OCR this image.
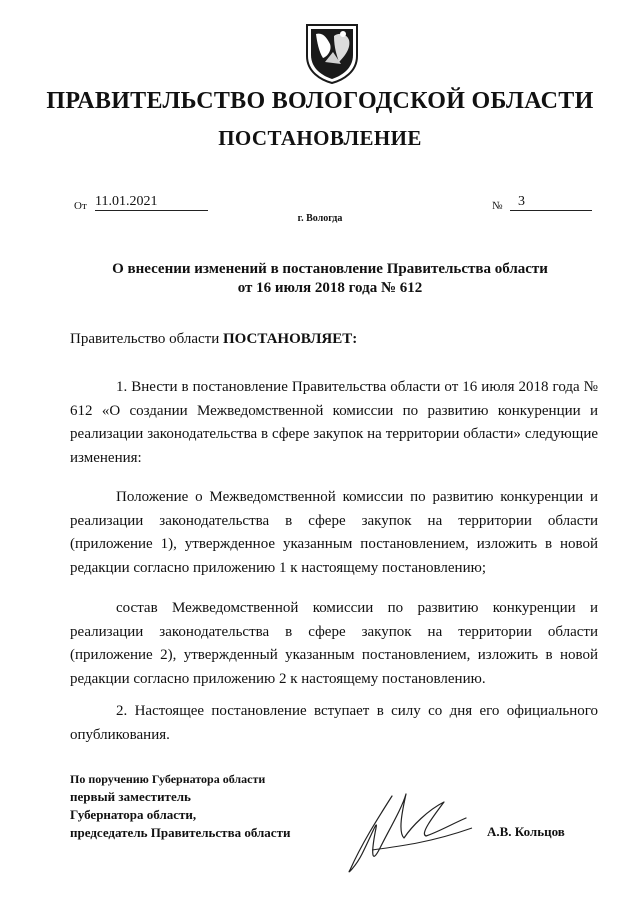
ПРАВИТЕЛЬСТВО ВОЛОГОДСКОЙ ОБЛАСТИ
ПОСТАНОВЛЕНИЕ
От 11.01.2021	№	3
г. Вологда
О внесении изменений в постановление Правительства области
от 16 июля 2018 года № 612
Правительство области ПОСТАНОВЛЯЕТ:
1. Внести в постановление Правительства области от 16 июля 2018 года № 612 «О создании Межведомственной комиссии по развитию конкуренции и реализации законодательства в сфере закупок на территории области» следующие изменения:
Положение о Межведомственной комиссии по развитию конкуренции и реализации законодательства в сфере закупок на территории области (приложение 1), утвержденное указанным постановлением, изложить в новой редакции согласно приложению 1 к настоящему постановлению;
состав Межведомственной комиссии по развитию конкуренции и реализации законодательства в сфере закупок на территории области (приложение 2), утвержденный указанным постановлением, изложить в новой редакции согласно приложению 2 к настоящему постановлению.
2. Настоящее постановление вступает в силу со дня его официального опубликования.
По поручению Губернатора области
первый заместитель
Губернатора области,
председатель Правительства области	А.В. Кольцов
